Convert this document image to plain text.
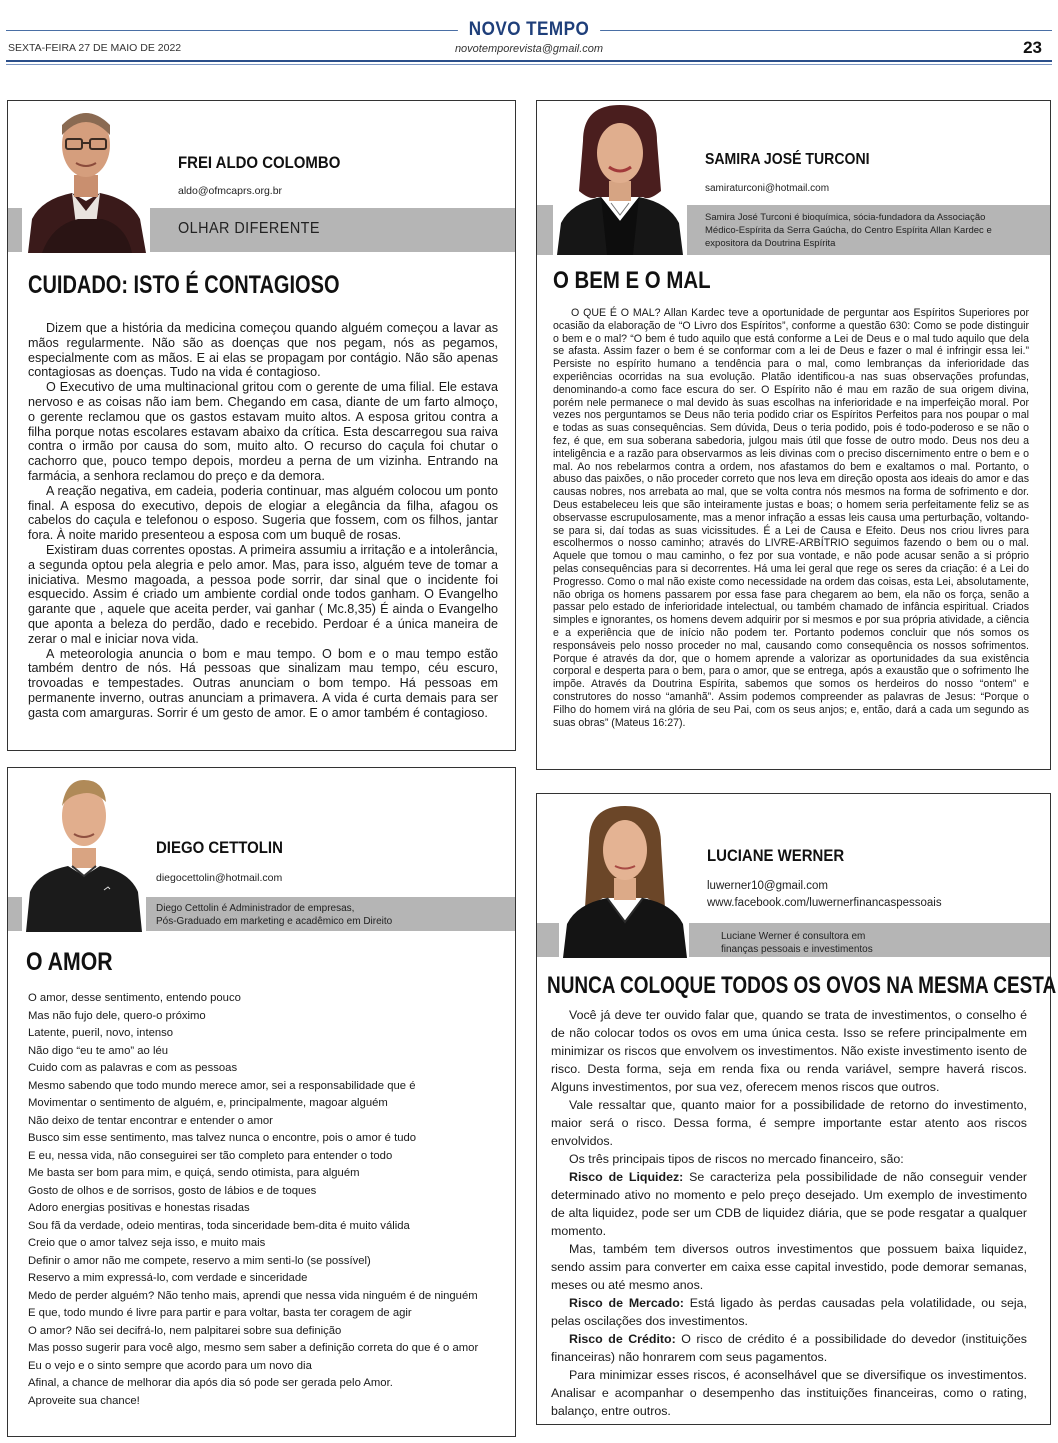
NOVO TEMPO
SEXTA-FEIRA 27 DE MAIO DE 2022	novotemporevista@gmail.com	23
FREI ALDO COLOMBO
aldo@ofmcaprs.org.br
OLHAR DIFERENTE
CUIDADO: ISTO É CONTAGIOSO

Dizem que a história da medicina começou quando alguém começou a lavar as mãos regularmente. Não são as doenças que nos pegam, nós as pegamos, especialmente com as mãos. E ai elas se propagam por contágio. Não são apenas contagiosas as doenças. Tudo na vida é contagioso.

O Executivo de uma multinacional gritou com o gerente de uma filial. Ele estava nervoso e as coisas não iam bem. Chegando em casa, diante de um farto almoço, o gerente reclamou que os gastos estavam muito altos. A esposa gritou contra a filha porque notas escolares estavam abaixo da crítica. Esta descarregou sua raiva contra o irmão por causa do som, muito alto. O recurso do caçula foi chutar o cachorro que, pouco tempo depois, mordeu a perna de um vizinha. Entrando na farmácia, a senhora reclamou do preço e da demora.

A reação negativa, em cadeia, poderia continuar, mas alguém colocou um ponto final. A esposa do executivo, depois de elogiar a elegância da filha, afagou os cabelos do caçula e telefonou o esposo. Sugeria que fossem, com os filhos, jantar fora. À noite marido presenteou a esposa com um buquê de rosas.

Existiram duas correntes opostas. A primeira assumiu a irritação e a intolerância, a segunda optou pela alegria e pelo amor. Mas, para isso, alguém teve de tomar a iniciativa. Mesmo magoada, a pessoa pode sorrir, dar sinal que o incidente foi esquecido. Assim é criado um ambiente cordial onde todos ganham. O Evangelho garante que , aquele que aceita perder, vai ganhar ( Mc.8,35) É ainda o Evangelho que aponta a beleza do perdão, dado e recebido. Perdoar é a única maneira de zerar o mal e iniciar nova vida.

A meteorologia anuncia o bom e mau tempo. O bom e o mau tempo estão também dentro de nós. Há pessoas que sinalizam mau tempo, céu escuro, trovoadas e tempestades. Outras anunciam o bom tempo. Há pessoas em permanente inverno, outras anunciam a primavera. A vida é curta demais para ser gasta com amarguras. Sorrir é um gesto de amor. E o amor também é contagioso.

SAMIRA JOSÉ TURCONI
samiraturconi@hotmail.com
Samira José Turconi é bioquímica, sócia-fundadora da Associação Médico-Espírita da Serra Gaúcha, do Centro Espírita Allan Kardec e expositora da Doutrina Espírita
O BEM E O MAL

O QUE É O MAL? Allan Kardec teve a oportunidade de perguntar aos Espíritos Superiores por ocasião da elaboração de “O Livro dos Espíritos”, conforme a questão 630: Como se pode distinguir o bem e o mal? “O bem é tudo aquilo que está conforme a Lei de Deus e o mal tudo aquilo que dela se afasta. Assim fazer o bem é se conformar com a lei de Deus e fazer o mal é infringir essa lei.” Persiste no espírito humano a tendência para o mal, como lembranças da inferioridade das experiências ocorridas na sua evolução. Platão identificou-a nas suas observações profundas, denominando-a como face escura do ser. O Espírito não é mau em razão de sua origem divina, porém nele permanece o mal devido às suas escolhas na inferioridade e na imperfeição moral. Por vezes nos perguntamos se Deus não teria podido criar os Espíritos Perfeitos para nos poupar o mal e todas as suas consequências. Sem dúvida, Deus o teria podido, pois é todo-poderoso e se não o fez, é que, em sua soberana sabedoria, julgou mais útil que fosse de outro modo. Deus nos deu a inteligência e a razão para observarmos as leis divinas com o preciso discernimento entre o bem e o mal. Ao nos rebelarmos contra a ordem, nos afastamos do bem e exaltamos o mal. Portanto, o abuso das paixões, o não proceder correto que nos leva em direção oposta aos ideais do amor e das causas nobres, nos arrebata ao mal, que se volta contra nós mesmos na forma de sofrimento e dor. Deus estabeleceu leis que são inteiramente justas e boas; o homem seria perfeitamente feliz se as observasse escrupulosamente, mas a menor infração a essas leis causa uma perturbação, voltando-se para si, daí todas as suas vicissitudes. É a Lei de Causa e Efeito. Deus nos criou livres para escolhermos o nosso caminho; através do LIVRE-ARBÍTRIO seguimos fazendo o bem ou o mal. Aquele que tomou o mau caminho, o fez por sua vontade, e não pode acusar senão a si próprio pelas consequências para si decorrentes. Há uma lei geral que rege os seres da criação: é a Lei do Progresso. Como o mal não existe como necessidade na ordem das coisas, esta Lei, absolutamente, não obriga os homens passarem por essa fase para chegarem ao bem, ela não os força, senão a passar pelo estado de inferioridade intelectual, ou também chamado de infância espiritual. Criados simples e ignorantes, os homens devem adquirir por si mesmos e por sua própria atividade, a ciência e a experiência que de início não podem ter. Portanto podemos concluir que nós somos os responsáveis pelo nosso proceder no mal, causando como consequência os nossos sofrimentos. Porque é através da dor, que o homem aprende a valorizar as oportunidades da sua existência corporal e desperta para o bem, para o amor, que se entrega, após a exaustão que o sofrimento lhe impõe. Através da Doutrina Espírita, sabemos que somos os herdeiros do nosso “ontem” e construtores do nosso “amanhã”. Assim podemos compreender as palavras de Jesus: “Porque o Filho do homem virá na glória de seu Pai, com os seus anjos; e, então, dará a cada um segundo as suas obras” (Mateus 16:27).

DIEGO CETTOLIN
diegocettolin@hotmail.com
Diego Cettolin é Administrador de empresas,
Pós-Graduado em marketing e acadêmico em Direito
O AMOR
O amor, desse sentimento, entendo pouco
Mas não fujo dele, quero-o próximo
Latente, pueril, novo, intenso
Não digo “eu te amo” ao léu
Cuido com as palavras e com as pessoas
Mesmo sabendo que todo mundo merece amor, sei a responsabilidade que é
Movimentar o sentimento de alguém, e, principalmente, magoar alguém
Não deixo de tentar encontrar e entender o amor
Busco sim esse sentimento, mas talvez nunca o encontre, pois o amor é tudo
E eu, nessa vida, não conseguirei ser tão completo para entender o todo
Me basta ser bom para mim, e quiçá, sendo otimista, para alguém
Gosto de olhos e de sorrisos, gosto de lábios e de toques
Adoro energias positivas e honestas risadas
Sou fã da verdade, odeio mentiras, toda sinceridade bem-dita é muito válida
Creio que o amor talvez seja isso, e muito mais
Definir o amor não me compete, reservo a mim senti-lo (se possível)
Reservo a mim expressá-lo, com verdade e sinceridade
Medo de perder alguém? Não tenho mais, aprendi que nessa vida ninguém é de ninguém
E que, todo mundo é livre para partir e para voltar, basta ter coragem de agir
O amor? Não sei decifrá-lo, nem palpitarei sobre sua definição
Mas posso sugerir para você algo, mesmo sem saber a definição correta do que é o amor
Eu o vejo e o sinto sempre que acordo para um novo dia
Afinal, a chance de melhorar dia após dia só pode ser gerada pelo Amor.
Aproveite sua chance!
LUCIANE WERNER
luwerner10@gmail.com
www.facebook.com/luwernerfinancaspessoais
Luciane Werner é consultora em
finanças pessoais e investimentos
NUNCA COLOQUE TODOS OS OVOS NA MESMA CESTA

Você já deve ter ouvido falar que, quando se trata de investimentos, o conselho é de não colocar todos os ovos em uma única cesta. Isso se refere principalmente em minimizar os riscos que envolvem os investimentos. Não existe investimento isento de risco. Desta forma, seja em renda fixa ou renda variável, sempre haverá riscos. Alguns investimentos, por sua vez, oferecem menos riscos que outros.

Vale ressaltar que, quanto maior for a possibilidade de retorno do investimento, maior será o risco. Dessa forma, é sempre importante estar atento aos riscos envolvidos.

Os três principais tipos de riscos no mercado financeiro, são:

Risco de Liquidez: Se caracteriza pela possibilidade de não conseguir vender determinado ativo no momento e pelo preço desejado. Um exemplo de investimento de alta liquidez, pode ser um CDB de liquidez diária, que se pode resgatar a qualquer momento.

Mas, também tem diversos outros investimentos que possuem baixa liquidez, sendo assim para converter em caixa esse capital investido, pode demorar semanas, meses ou até mesmo anos.

Risco de Mercado: Está ligado às perdas causadas pela volatilidade, ou seja, pelas oscilações dos investimentos.

Risco de Crédito: O risco de crédito é a possibilidade do devedor (instituições financeiras) não honrarem com seus pagamentos.

Para minimizar esses riscos, é aconselhável que se diversifique os investimentos. Analisar e acompanhar o desempenho das instituições financeiras, como o rating, balanço, entre outros.
